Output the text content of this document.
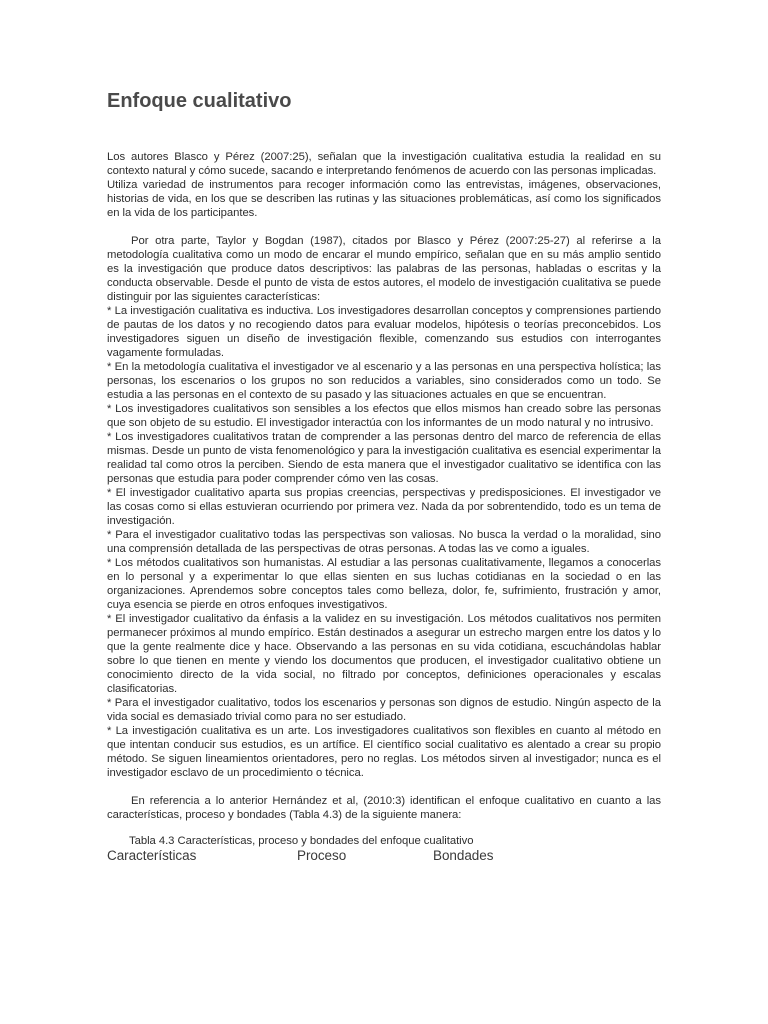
Enfoque cualitativo

Los autores Blasco y Pérez (2007:25), señalan que la investigación cualitativa estudia la realidad en su contexto natural y cómo sucede, sacando e interpretando fenómenos de acuerdo con las personas implicadas.

Utiliza variedad de instrumentos para recoger información como las entrevistas, imágenes, observaciones, historias de vida, en los que se describen las rutinas y las situaciones problemáticas, así como los significados en la vida de los participantes.

Por otra parte, Taylor y Bogdan (1987), citados por Blasco y Pérez (2007:25-27) al referirse a la metodología cualitativa como un modo de encarar el mundo empírico, señalan que en su más amplio sentido es la investigación que produce datos descriptivos: las palabras de las personas, habladas o escritas y la conducta observable. Desde el punto de vista de estos autores, el modelo de investigación cualitativa se puede distinguir por las siguientes características:

* La investigación cualitativa es inductiva. Los investigadores desarrollan conceptos y comprensiones partiendo de pautas de los datos y no recogiendo datos para evaluar modelos, hipótesis o teorías preconcebidos. Los investigadores siguen un diseño de investigación flexible, comenzando sus estudios con interrogantes vagamente formuladas.

* En la metodología cualitativa el investigador ve al escenario y a las personas en una perspectiva holística; las personas, los escenarios o los grupos no son reducidos a variables, sino considerados como un todo. Se estudia a las personas en el contexto de su pasado y las situaciones actuales en que se encuentran.

* Los investigadores cualitativos son sensibles a los efectos que ellos mismos han creado sobre las personas que son objeto de su estudio. El investigador interactúa con los informantes de un modo natural y no intrusivo.

* Los investigadores cualitativos tratan de comprender a las personas dentro del marco de referencia de ellas mismas. Desde un punto de vista fenomenológico y para la investigación cualitativa es esencial experimentar la realidad tal como otros la perciben. Siendo de esta manera que el investigador cualitativo se identifica con las personas que estudia para poder comprender cómo ven las cosas.

* El investigador cualitativo aparta sus propias creencias, perspectivas y predisposiciones. El investigador ve las cosas como si ellas estuvieran ocurriendo por primera vez. Nada da por sobrentendido, todo es un tema de investigación.

* Para el investigador cualitativo todas las perspectivas son valiosas. No busca la verdad o la moralidad, sino una comprensión detallada de las perspectivas de otras personas. A todas las ve como a iguales.

* Los métodos cualitativos son humanistas. Al estudiar a las personas cualitativamente, llegamos a conocerlas en lo personal y a experimentar lo que ellas sienten en sus luchas cotidianas en la sociedad o en las organizaciones. Aprendemos sobre conceptos tales como belleza, dolor, fe, sufrimiento, frustración y amor, cuya esencia se pierde en otros enfoques investigativos.

* El investigador cualitativo da énfasis a la validez en su investigación. Los métodos cualitativos nos permiten permanecer próximos al mundo empírico. Están destinados a asegurar un estrecho margen entre los datos y lo que la gente realmente dice y hace. Observando a las personas en su vida cotidiana, escuchándolas hablar sobre lo que tienen en mente y viendo los documentos que producen, el investigador cualitativo obtiene un conocimiento directo de la vida social, no filtrado por conceptos, definiciones operacionales y escalas clasificatorias.

* Para el investigador cualitativo, todos los escenarios y personas son dignos de estudio. Ningún aspecto de la vida social es demasiado trivial como para no ser estudiado.

* La investigación cualitativa es un arte. Los investigadores cualitativos son flexibles en cuanto al método en que intentan conducir sus estudios, es un artífice. El científico social cualitativo es alentado a crear su propio método. Se siguen lineamientos orientadores, pero no reglas. Los métodos sirven al investigador; nunca es el investigador esclavo de un procedimiento o técnica.

En referencia a lo anterior Hernández et al, (2010:3) identifican el enfoque cualitativo en cuanto a las características, proceso y bondades (Tabla 4.3) de la siguiente manera:

Tabla 4.3 Características, proceso y bondades del enfoque cualitativo

Características	Proceso	Bondades
